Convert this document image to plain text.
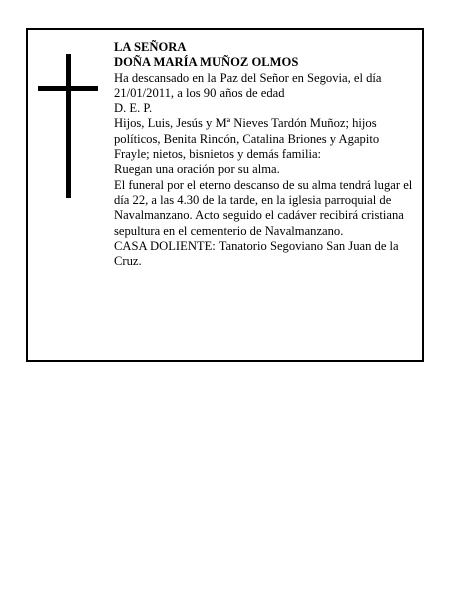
LA SEÑORA

DOÑA MARÍA MUÑOZ OLMOS

Ha descansado en la Paz del Señor en Segovia, el día 21/01/2011, a los 90 años de edad

D. E. P.

Hijos, Luis, Jesús y Mª Nieves Tardón Muñoz; hijos políticos, Benita Rincón, Catalina Briones y Agapito Frayle; nietos, bisnietos y demás familia:

Ruegan una oración por su alma.

El funeral por el eterno descanso de su alma tendrá lugar el día 22, a las 4.30 de la tarde, en la iglesia parroquial de Navalmanzano. Acto seguido el cadáver recibirá cristiana sepultura en el cementerio de Navalmanzano.

CASA DOLIENTE: Tanatorio Segoviano San Juan de la Cruz.
